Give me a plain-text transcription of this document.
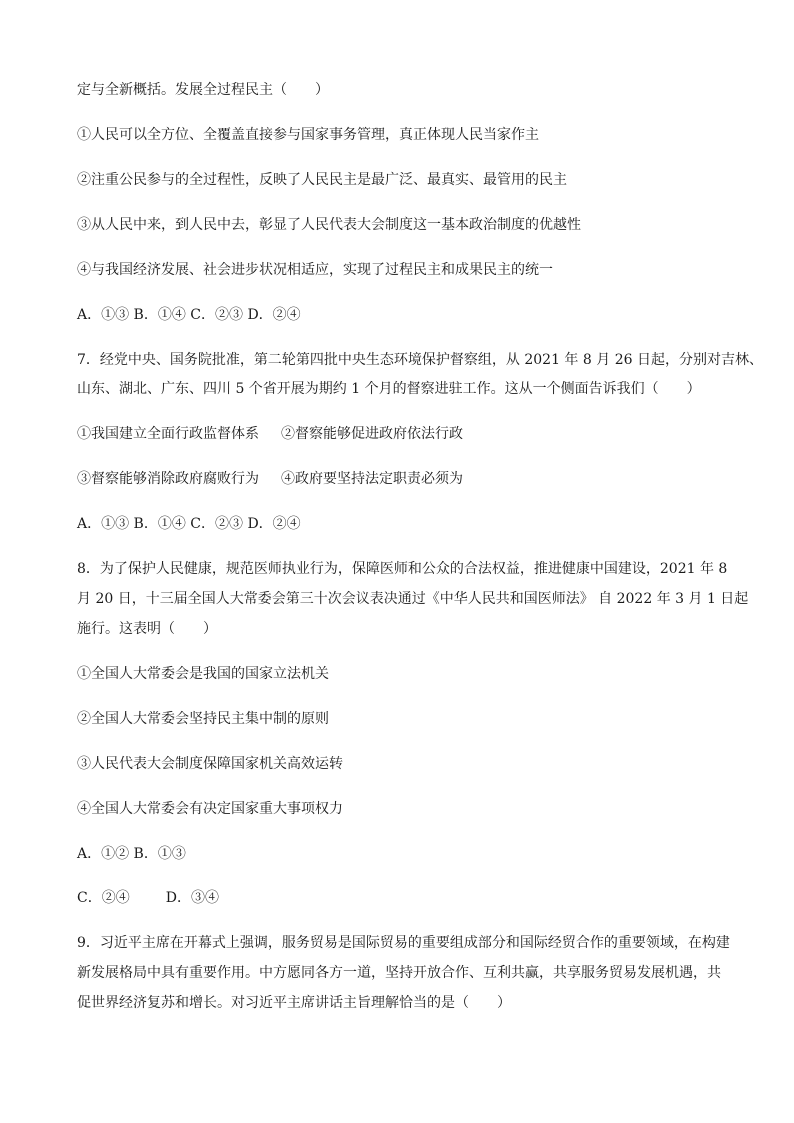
定与全新概括。发展全过程民主（　　）
①人民可以全方位、全覆盖直接参与国家事务管理，真正体现人民当家作主
②注重公民参与的全过程性，反映了人民民主是最广泛、最真实、最管用的民主
③从人民中来，到人民中去，彰显了人民代表大会制度这一基本政治制度的优越性
④与我国经济发展、社会进步状况相适应，实现了过程民主和成果民主的统一
A．①③ B．①④ C．②③ D．②④
7．经党中央、国务院批准，第二轮第四批中央生态环境保护督察组，从 2021 年 8 月 26 日起，分别对吉林、
山东、湖北、广东、四川 5 个省开展为期约 1 个月的督察进驻工作。这从一个侧面告诉我们（　　）
①我国建立全面行政监督体系 ②督察能够促进政府依法行政
③督察能够消除政府腐败行为 ④政府要坚持法定职责必须为
A．①③ B．①④ C．②③ D．②④
8．为了保护人民健康，规范医师执业行为，保障医师和公众的合法权益，推进健康中国建设，2021 年 8
月 20 日，十三届全国人大常委会第三十次会议表决通过《中华人民共和国医师法》 自 2022 年 3 月 1 日起
施行。这表明（　　）
①全国人大常委会是我国的国家立法机关
②全国人大常委会坚持民主集中制的原则
③人民代表大会制度保障国家机关高效运转
④全国人大常委会有决定国家重大事项权力
A．①② B．①③
C．②④	D．③④
9．习近平主席在开幕式上强调，服务贸易是国际贸易的重要组成部分和国际经贸合作的重要领域，在构建
新发展格局中具有重要作用。中方愿同各方一道，坚持开放合作、互利共赢，共享服务贸易发展机遇，共
促世界经济复苏和增长。对习近平主席讲话主旨理解恰当的是（　　）
